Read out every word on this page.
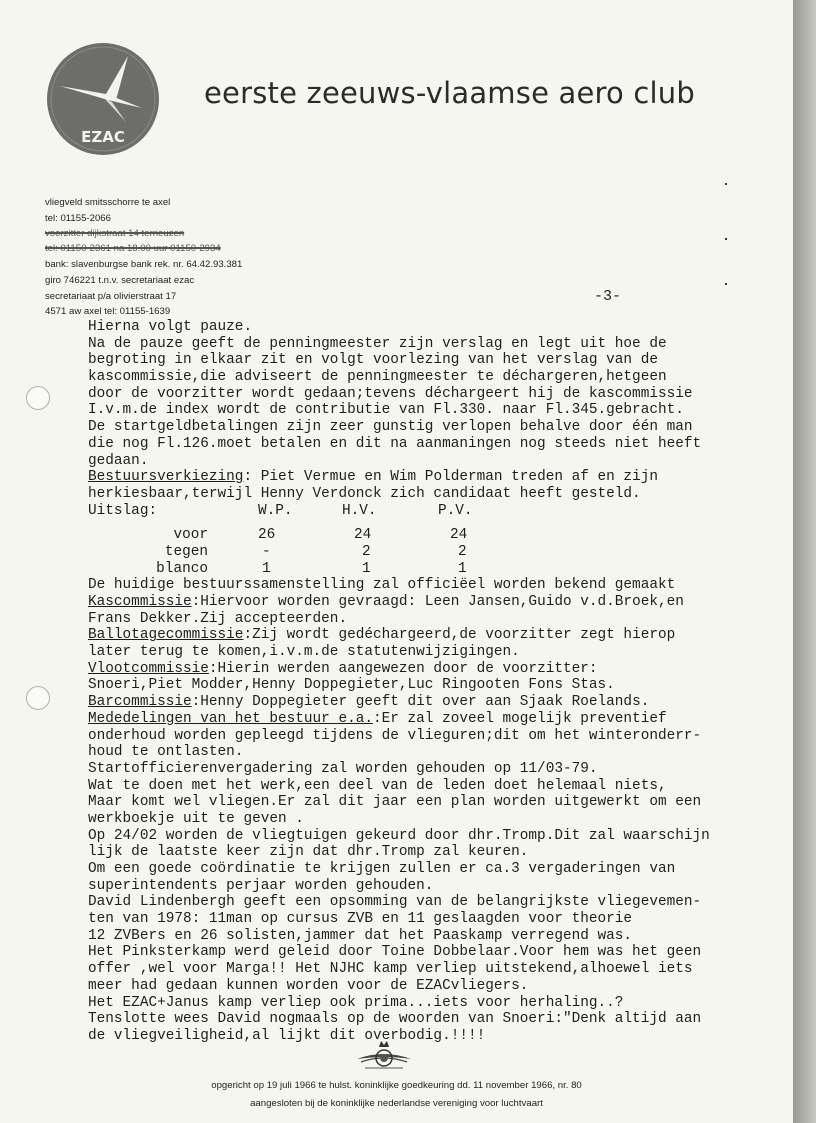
EZAC
eerste zeeuws-vlaamse aero club
vliegveld smitsschorre te axel
tel: 01155-2066
voorzitter dijkstraat 14 terneuzen
tel: 01150-2361 na 18.00 uur 01150-2934
bank: slavenburgse bank rek. nr. 64.42.93.381
giro 746221 t.n.v. secretariaat ezac
secretariaat p/a olivierstraat 17
4571 aw axel tel: 01155-1639
-3-
Hierna volgt pauze.
Na de pauze geeft de penningmeester zijn verslag en legt uit hoe de
begroting in elkaar zit en volgt voorlezing van het verslag van de
kascommissie,die adviseert de penningmeester te déchargeren,hetgeen
door de voorzitter wordt gedaan;tevens déchargeert hij de kascommissie
I.v.m.de index wordt de contributie van Fl.330. naar Fl.345.gebracht.
De startgeldbetalingen zijn zeer gunstig verlopen behalve door één man
die nog Fl.126.moet betalen en dit na aanmaningen nog steeds niet heeft
gedaan.
Bestuursverkiezing: Piet Vermue en Wim Polderman treden af en zijn
herkiesbaar,terwijl Henny Verdonck zich candidaat heeft gesteld.
Uitslag:	W.P.	H.V.	P.V.
voor	26	24	24
tegen	-	2	2
blanco	1	1	1
De huidige bestuurssamenstelling zal officiëel worden bekend gemaakt
Kascommissie:Hiervoor worden gevraagd: Leen Jansen,Guido v.d.Broek,en
Frans Dekker.Zij accepteerden.
Ballotagecommissie:Zij wordt gedéchargeerd,de voorzitter zegt hierop
later terug te komen,i.v.m.de statutenwijzigingen.
Vlootcommissie:Hierin werden aangewezen door de voorzitter:
Snoeri,Piet Modder,Henny Doppegieter,Luc Ringooten Fons Stas.
Barcommissie:Henny Doppegieter geeft dit over aan Sjaak Roelands.
Mededelingen van het bestuur e.a.:Er zal zoveel mogelijk preventief
onderhoud worden gepleegd tijdens de vlieguren;dit om het winteronderr-
houd te ontlasten.
Startofficierenvergadering zal worden gehouden op 11/03-79.
Wat te doen met het werk,een deel van de leden doet helemaal niets,
Maar komt wel vliegen.Er zal dit jaar een plan worden uitgewerkt om een
werkboekje uit te geven .
Op 24/02 worden de vliegtuigen gekeurd door dhr.Tromp.Dit zal waarschijn
lijk de laatste keer zijn dat dhr.Tromp zal keuren.
Om een goede coördinatie te krijgen zullen er ca.3 vergaderingen van
superintendents perjaar worden gehouden.
David Lindenbergh geeft een opsomming van de belangrijkste vliegevemen-
ten van 1978: 11man op cursus ZVB en 11 geslaagden voor theorie
12 ZVBers en 26 solisten,jammer dat het Paaskamp verregend was.
Het Pinksterkamp werd geleid door Toine Dobbelaar.Voor hem was het geen
offer ,wel voor Marga!! Het NJHC kamp verliep uitstekend,alhoewel iets
meer had gedaan kunnen worden voor de EZACvliegers.
Het EZAC+Janus kamp verliep ook prima...iets voor herhaling..?
Tenslotte wees David nogmaals op de woorden van Snoeri:"Denk altijd aan
de vliegveiligheid,al lijkt dit overbodig.!!!!
opgericht op 19 juli 1966 te hulst. koninklijke goedkeuring dd. 11 november 1966, nr. 80
aangesloten bij de koninklijke nederlandse vereniging voor luchtvaart
